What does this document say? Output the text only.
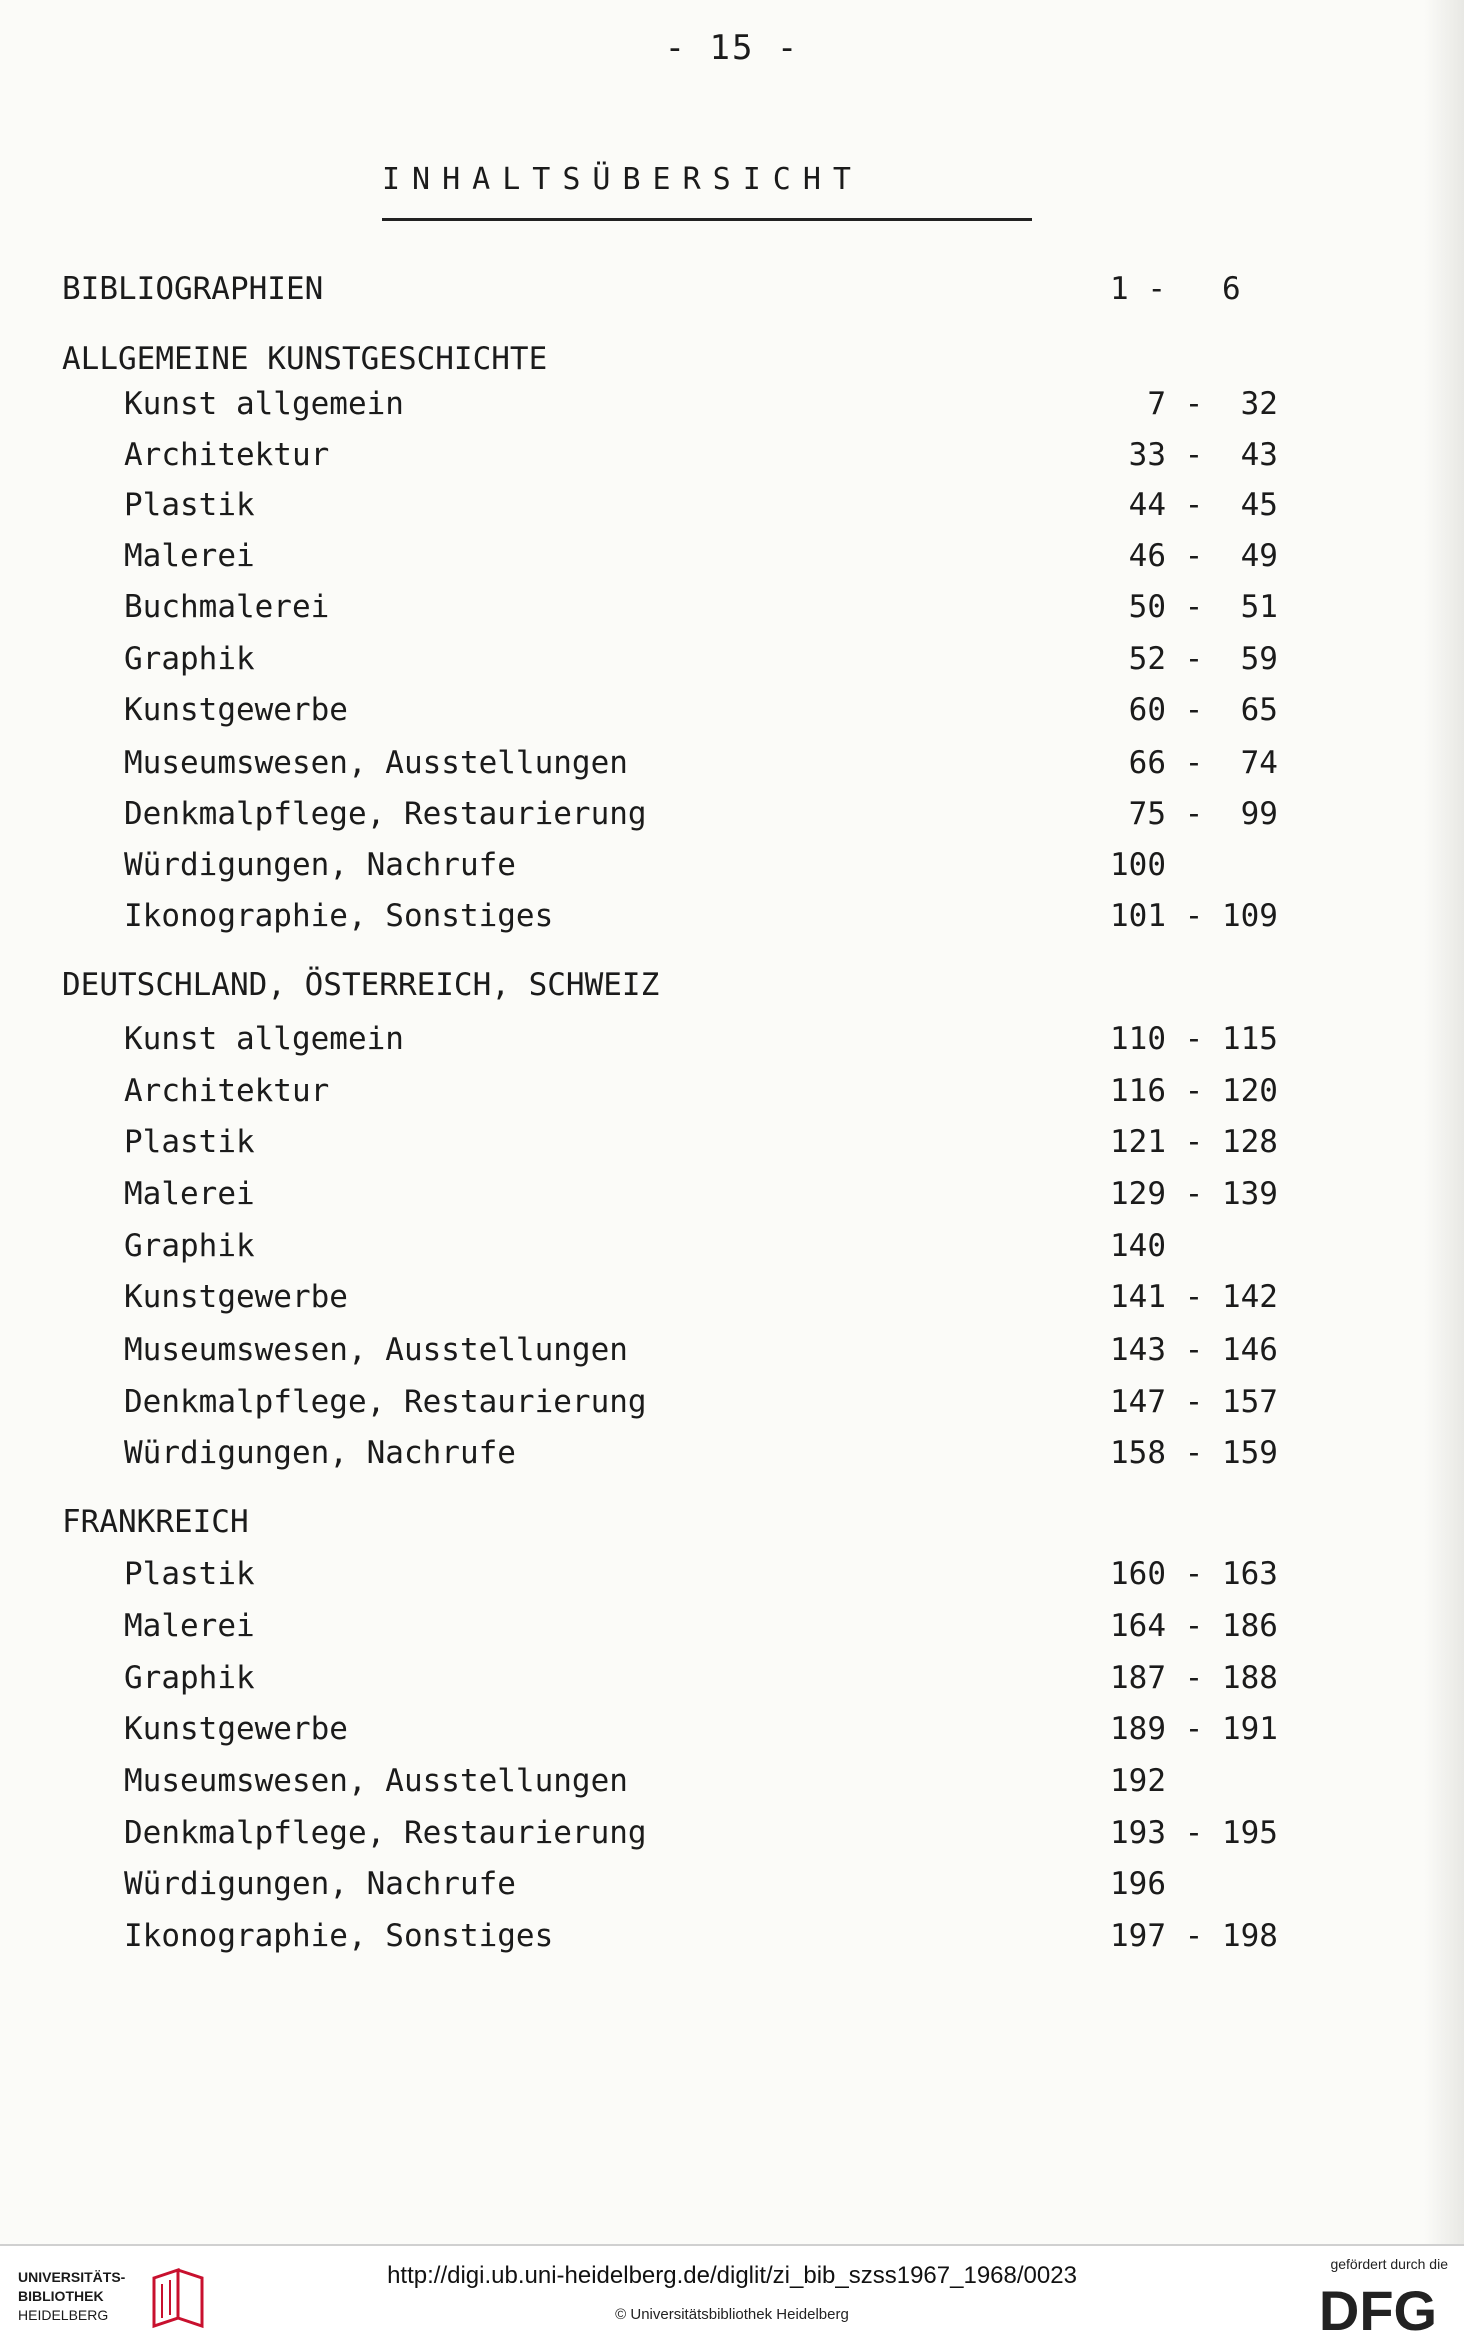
- 15 -
INHALTSÜBERSICHT
BIBLIOGRAPHIEN	1 -   6
ALLGEMEINE KUNSTGESCHICHTE
Kunst allgemein	7 -  32
Architektur	33 -  43
Plastik	44 -  45
Malerei	46 -  49
Buchmalerei	50 -  51
Graphik	52 -  59
Kunstgewerbe	60 -  65
Museumswesen, Ausstellungen	66 -  74
Denkmalpflege, Restaurierung	75 -  99
Würdigungen, Nachrufe	100
Ikonographie, Sonstiges	101 - 109
DEUTSCHLAND, ÖSTERREICH, SCHWEIZ
Kunst allgemein	110 - 115
Architektur	116 - 120
Plastik	121 - 128
Malerei	129 - 139
Graphik	140
Kunstgewerbe	141 - 142
Museumswesen, Ausstellungen	143 - 146
Denkmalpflege, Restaurierung	147 - 157
Würdigungen, Nachrufe	158 - 159
FRANKREICH
Plastik	160 - 163
Malerei	164 - 186
Graphik	187 - 188
Kunstgewerbe	189 - 191
Museumswesen, Ausstellungen	192
Denkmalpflege, Restaurierung	193 - 195
Würdigungen, Nachrufe	196
Ikonographie, Sonstiges	197 - 198
UNIVERSITÄTS-
BIBLIOTHEK
HEIDELBERG
http://digi.ub.uni-heidelberg.de/diglit/zi_bib_szss1967_1968/0023
© Universitätsbibliothek Heidelberg
gefördert durch die
DFG
